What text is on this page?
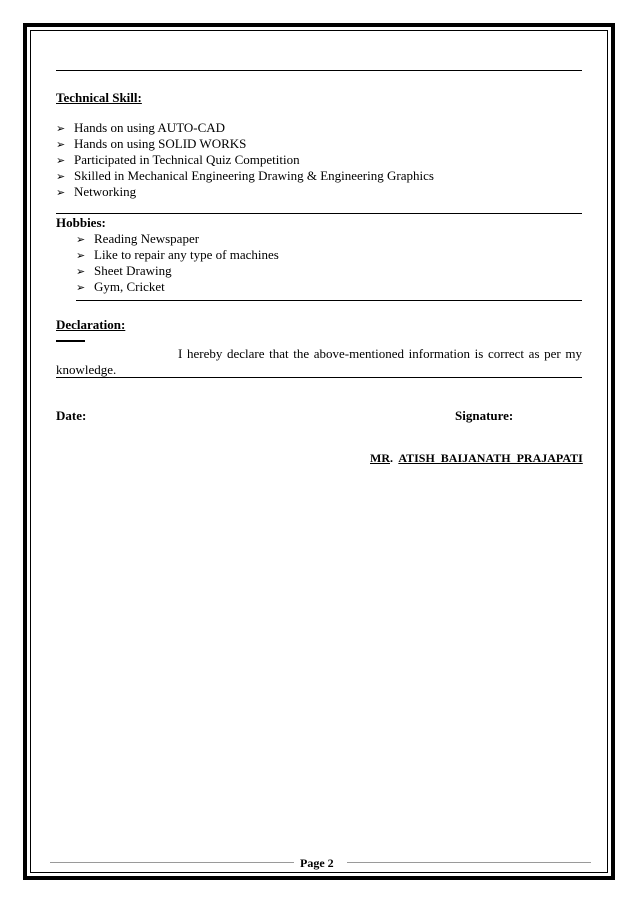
Technical Skill:
➢ Hands on using AUTO-CAD
➢ Hands on using SOLID WORKS
➢ Participated in Technical Quiz Competition
➢ Skilled in Mechanical Engineering Drawing & Engineering Graphics
➢ Networking
Hobbies:
➢ Reading Newspaper
➢ Like to repair any type of machines
➢ Sheet Drawing
➢ Gym, Cricket
Declaration:
I hereby declare that the above-mentioned information is correct as per my
knowledge.
Date:	Signature:
MR. ATISH BAIJANATH PRAJAPATI
Page 2
